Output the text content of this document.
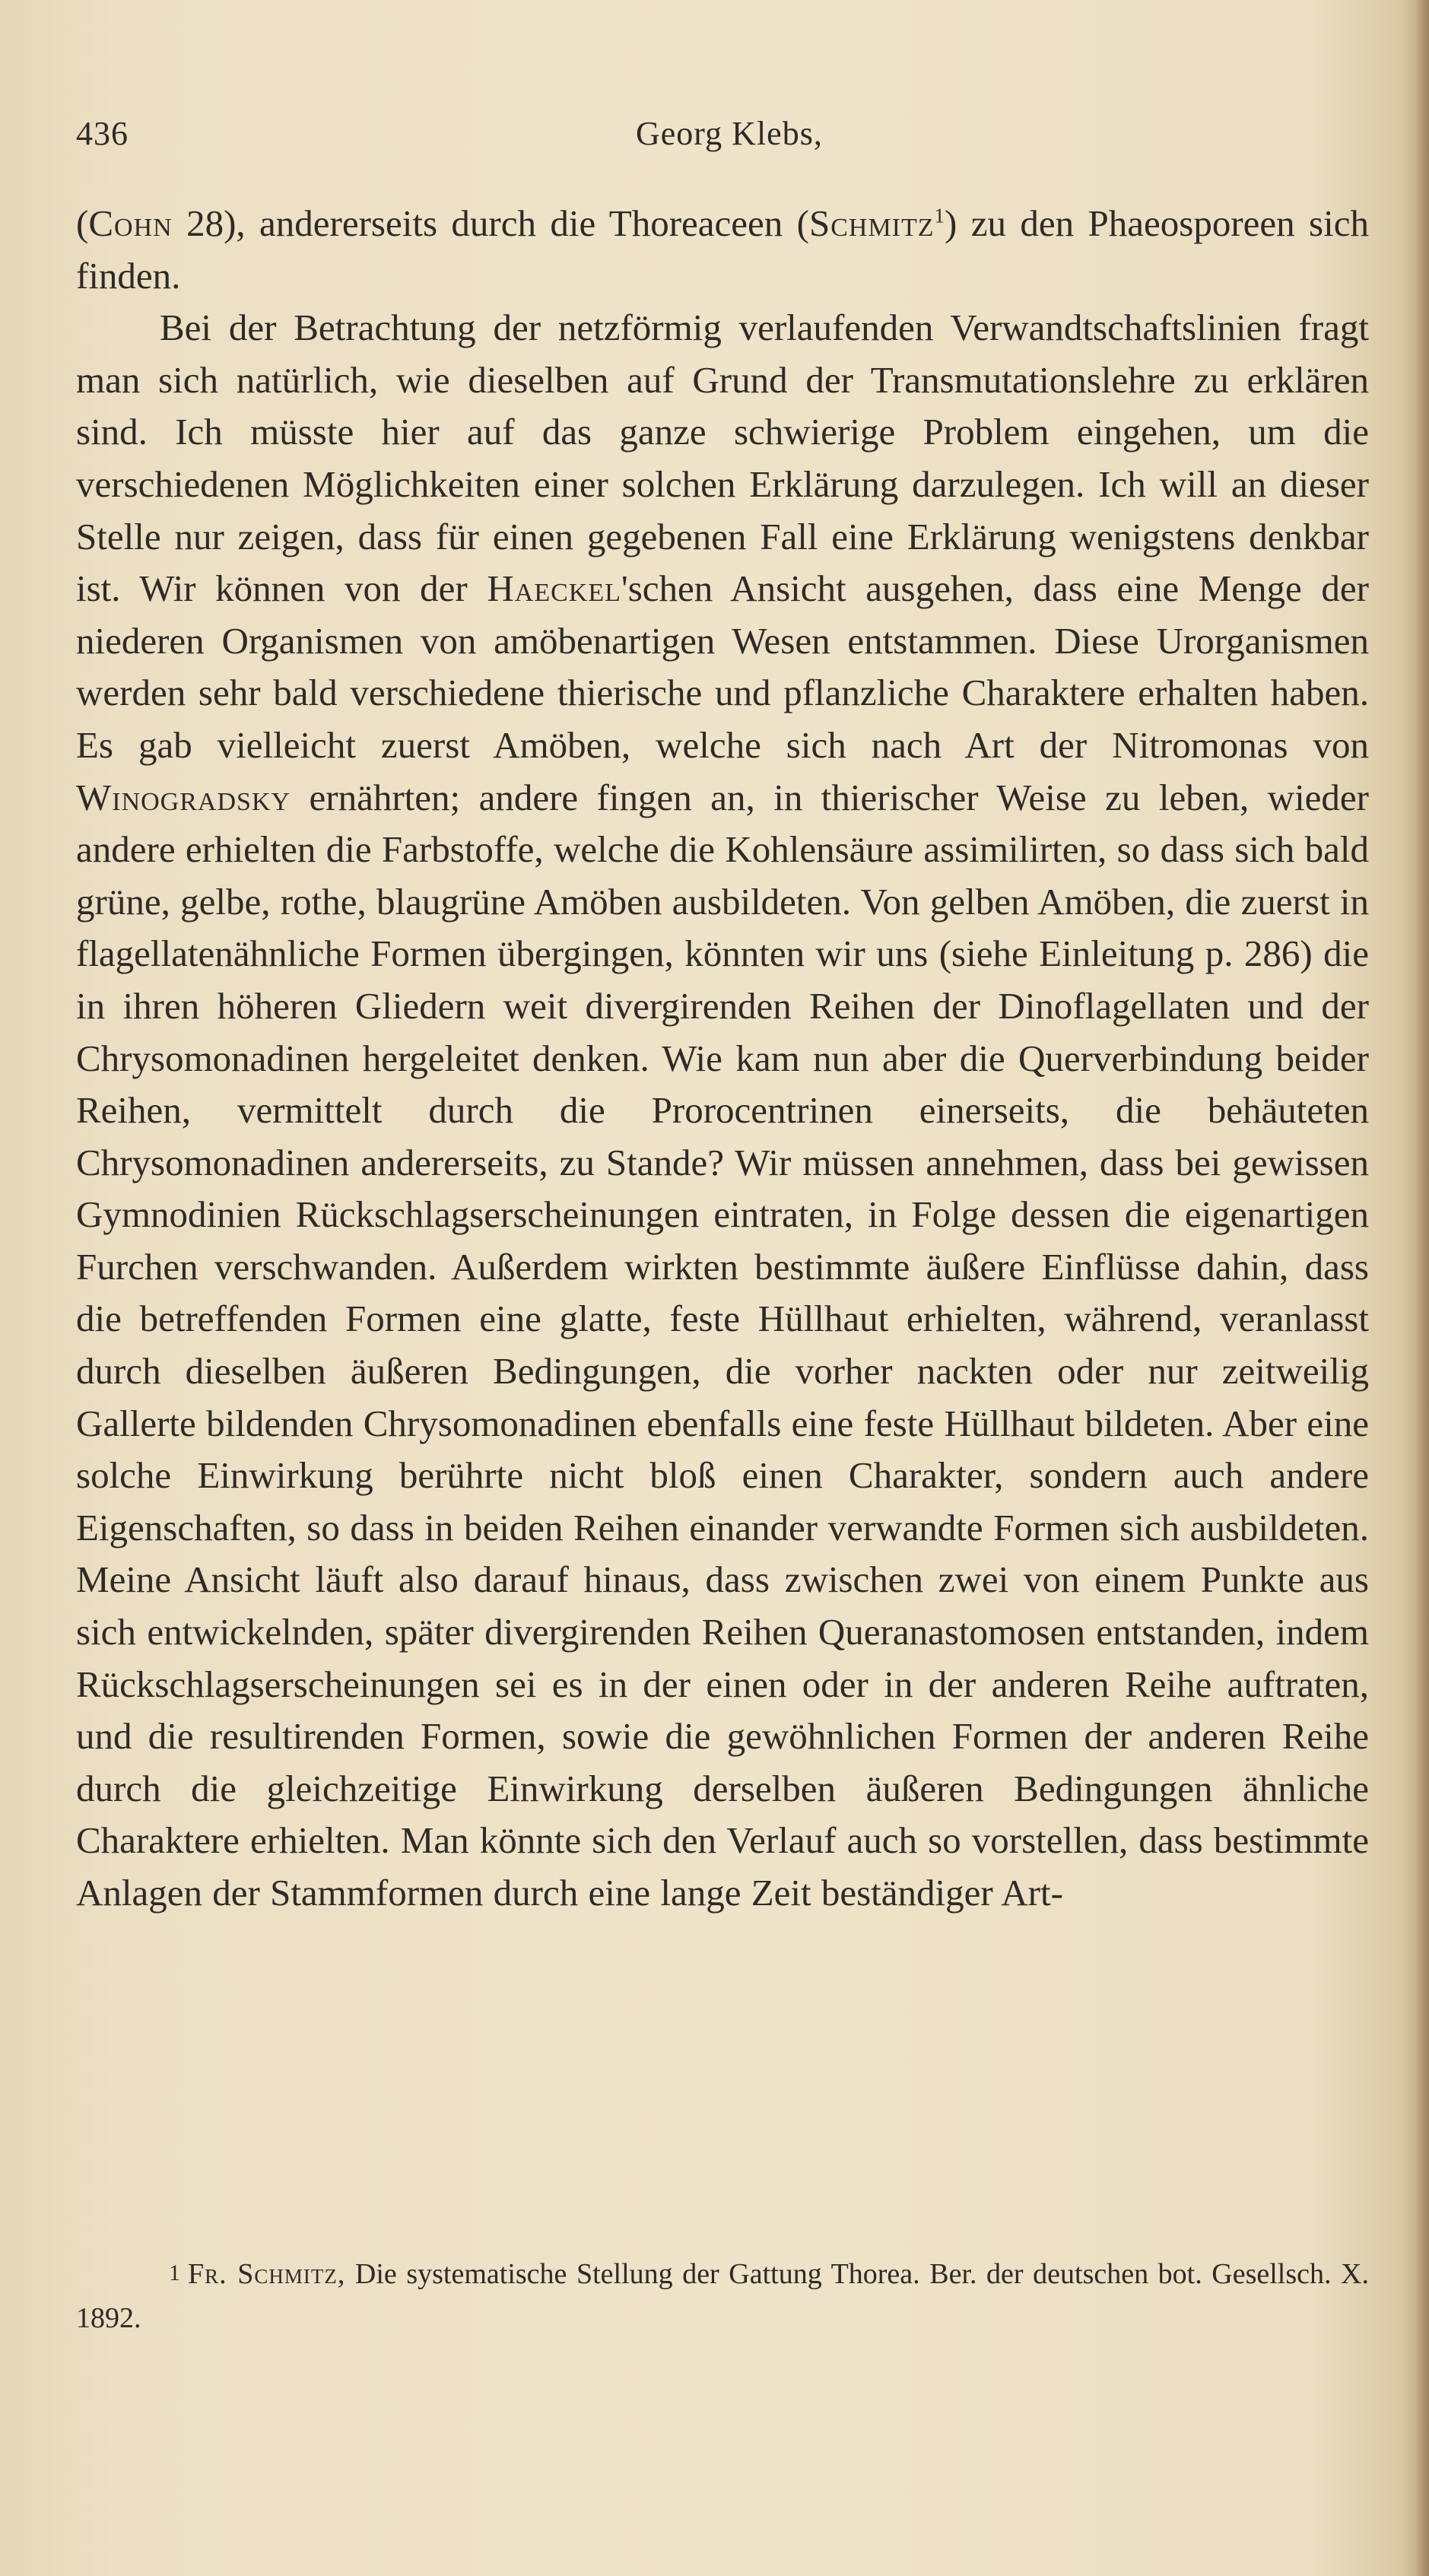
436	Georg Klebs,

(Cohn 28), andererseits durch die Thoreaceen (Schmitz$^1$) zu den Phaeosporeen sich finden.

Bei der Betrachtung der netzförmig verlaufenden Verwandtschaftslinien fragt man sich natürlich, wie dieselben auf Grund der Transmutationslehre zu erklären sind. Ich müsste hier auf das ganze schwierige Problem eingehen, um die verschiedenen Möglichkeiten einer solchen Erklärung darzulegen. Ich will an dieser Stelle nur zeigen, dass für einen gegebenen Fall eine Erklärung wenigstens denkbar ist. Wir können von der Haeckel'schen Ansicht ausgehen, dass eine Menge der niederen Organismen von amöbenartigen Wesen entstammen. Diese Urorganismen werden sehr bald verschiedene thierische und pflanzliche Charaktere erhalten haben. Es gab vielleicht zuerst Amöben, welche sich nach Art der Nitromonas von Winogradsky ernährten; andere fingen an, in thierischer Weise zu leben, wieder andere erhielten die Farbstoffe, welche die Kohlensäure assimilirten, so dass sich bald grüne, gelbe, rothe, blaugrüne Amöben ausbildeten. Von gelben Amöben, die zuerst in flagellatenähnliche Formen übergingen, könnten wir uns (siehe Einleitung p. 286) die in ihren höheren Gliedern weit divergirenden Reihen der Dinoflagellaten und der Chrysomonadinen hergeleitet denken. Wie kam nun aber die Querverbindung beider Reihen, vermittelt durch die Prorocentrinen einerseits, die behäuteten Chrysomonadinen andererseits, zu Stande? Wir müssen annehmen, dass bei gewissen Gymnodinien Rückschlagserscheinungen eintraten, in Folge dessen die eigenartigen Furchen verschwanden. Außerdem wirkten bestimmte äußere Einflüsse dahin, dass die betreffenden Formen eine glatte, feste Hüllhaut erhielten, während, veranlasst durch dieselben äußeren Bedingungen, die vorher nackten oder nur zeitweilig Gallerte bildenden Chrysomonadinen ebenfalls eine feste Hüllhaut bildeten. Aber eine solche Einwirkung berührte nicht bloß einen Charakter, sondern auch andere Eigenschaften, so dass in beiden Reihen einander verwandte Formen sich ausbildeten. Meine Ansicht läuft also darauf hinaus, dass zwischen zwei von einem Punkte aus sich entwickelnden, später divergirenden Reihen Queranastomosen entstanden, indem Rückschlagserscheinungen sei es in der einen oder in der anderen Reihe auftraten, und die resultirenden Formen, sowie die gewöhnlichen Formen der anderen Reihe durch die gleichzeitige Einwirkung derselben äußeren Bedingungen ähnliche Charaktere erhielten. Man könnte sich den Verlauf auch so vorstellen, dass bestimmte Anlagen der Stammformen durch eine lange Zeit beständiger Art-

1 Fr. Schmitz, Die systematische Stellung der Gattung Thorea. Ber. der deutschen bot. Gesellsch. X. 1892.
